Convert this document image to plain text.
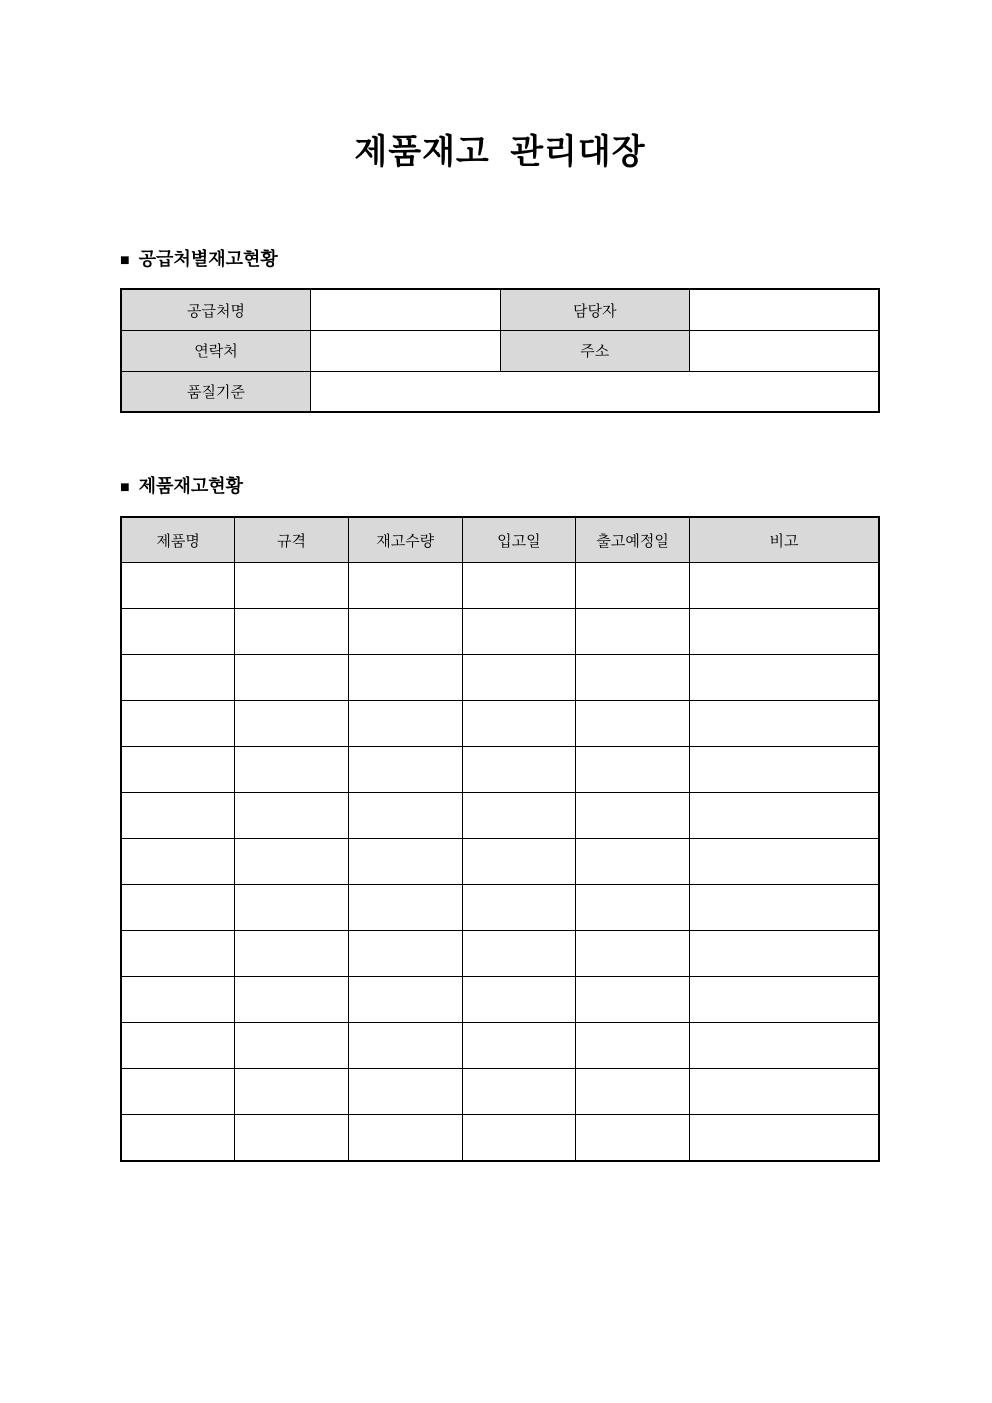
제품재고 관리대장
■ 공급처별재고현황
공급처명		담당자	
연락처		주소	
품질기준			
■ 제품재고현황
제품명	규격	재고수량	입고일	출고예정일	비고
